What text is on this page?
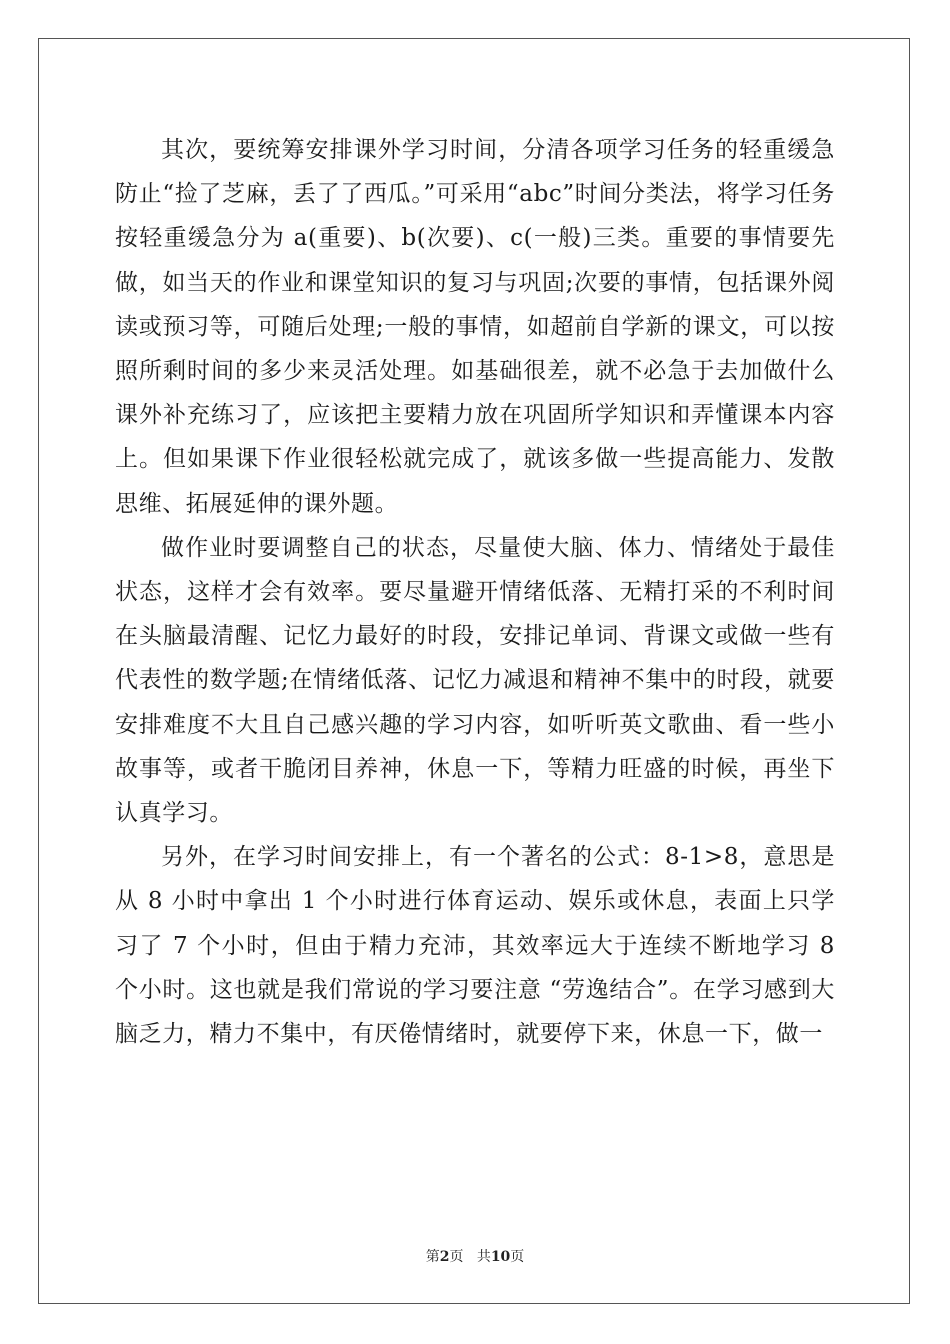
其次，要统筹安排课外学习时间，分清各项学习任务的轻重缓急防止“捡了芝麻，丢了了西瓜。”可采用“abc”时间分类法，将学习任务按轻重缓急分为 a(重要)、b(次要)、c(一般)三类。重要的事情要先做，如当天的作业和课堂知识的复习与巩固;次要的事情，包括课外阅读或预习等，可随后处理;一般的事情，如超前自学新的课文，可以按照所剩时间的多少来灵活处理。如基础很差，就不必急于去加做什么课外补充练习了，应该把主要精力放在巩固所学知识和弄懂课本内容上。但如果课下作业很轻松就完成了，就该多做一些提高能力、发散思维、拓展延伸的课外题。

做作业时要调整自己的状态，尽量使大脑、体力、情绪处于最佳状态，这样才会有效率。要尽量避开情绪低落、无精打采的不利时间在头脑最清醒、记忆力最好的时段，安排记单词、背课文或做一些有代表性的数学题;在情绪低落、记忆力减退和精神不集中的时段，就要安排难度不大且自己感兴趣的学习内容，如听听英文歌曲、看一些小故事等，或者干脆闭目养神，休息一下，等精力旺盛的时候，再坐下认真学习。

另外，在学习时间安排上，有一个著名的公式：8-1>8，意思是从 8 小时中拿出 1 个小时进行体育运动、娱乐或休息，表面上只学习了 7 个小时，但由于精力充沛，其效率远大于连续不断地学习 8 个小时。这也就是我们常说的学习要注意 “劳逸结合”。在学习感到大脑乏力，精力不集中，有厌倦情绪时，就要停下来，休息一下，做一

第2页 共10页
